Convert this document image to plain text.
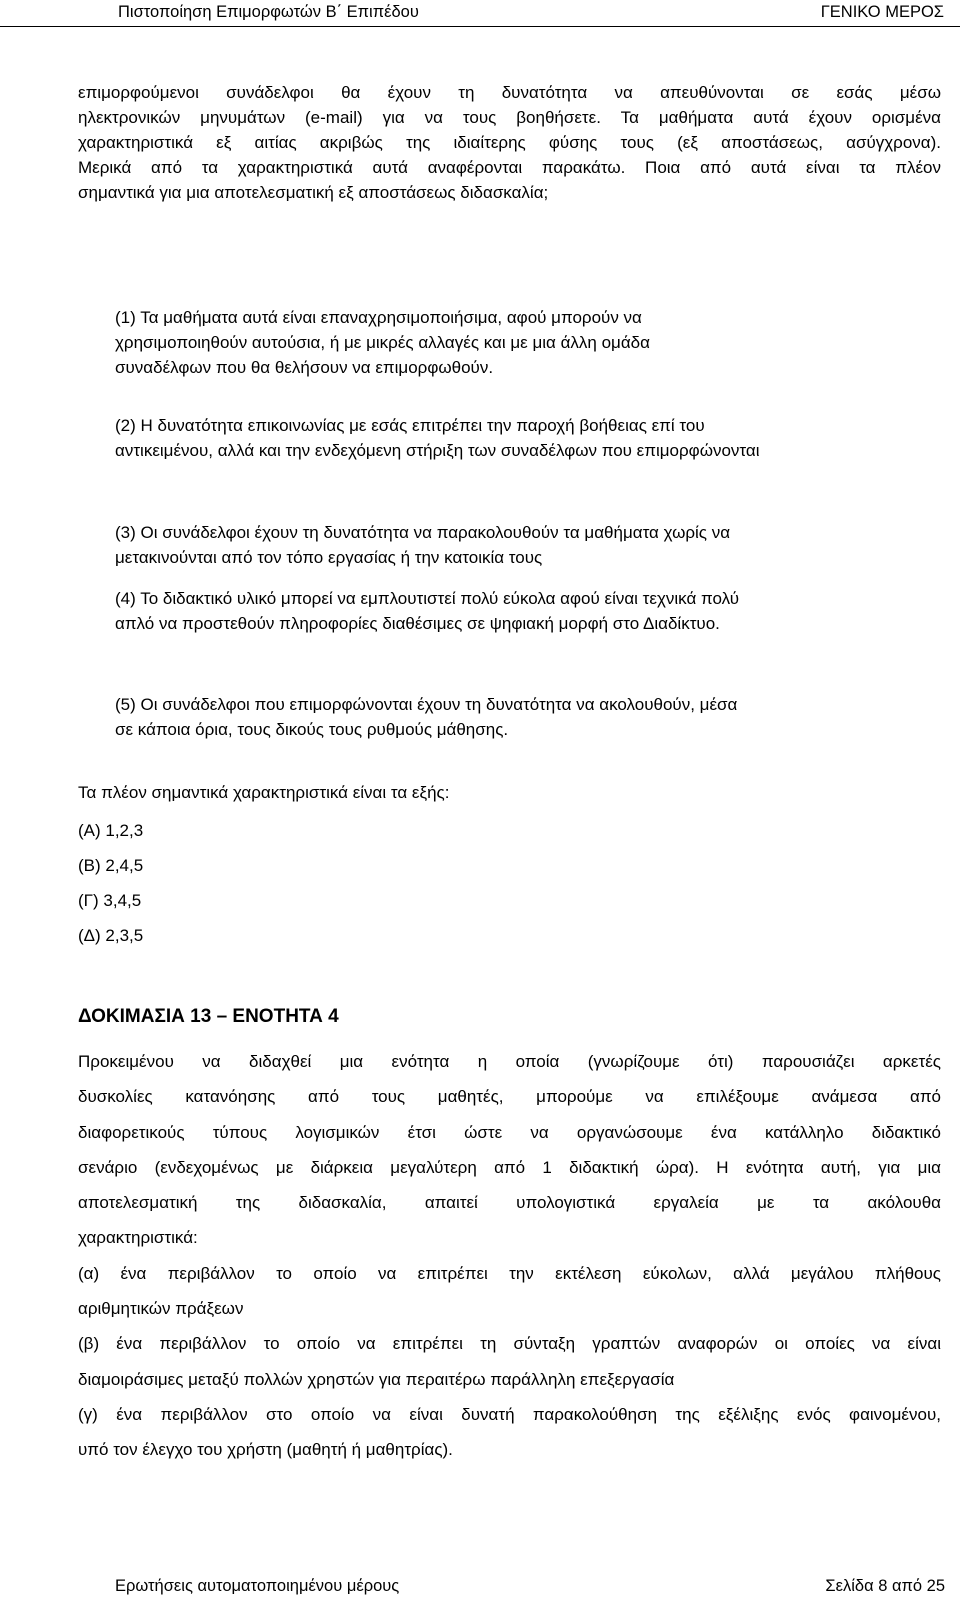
Πιστοποίηση Επιμορφωτών Β΄ Επιπέδου	ΓΕΝΙΚΟ ΜΕΡΟΣ
επιμορφούμενοι συνάδελφοι θα έχουν τη δυνατότητα να απευθύνονται σε εσάς μέσω
ηλεκτρονικών μηνυμάτων (e-mail) για να τους βοηθήσετε. Τα μαθήματα αυτά έχουν ορισμένα
χαρακτηριστικά εξ αιτίας ακριβώς της ιδιαίτερης φύσης τους (εξ αποστάσεως, ασύγχρονα).
Μερικά από τα χαρακτηριστικά αυτά αναφέρονται παρακάτω. Ποια από αυτά είναι τα πλέον
σημαντικά για μια αποτελεσματική εξ αποστάσεως διδασκαλία;
(1) Τα μαθήματα αυτά είναι επαναχρησιμοποιήσιμα, αφού μπορούν να
χρησιμοποιηθούν αυτούσια, ή με μικρές αλλαγές και με μια άλλη ομάδα
συναδέλφων που θα θελήσουν να επιμορφωθούν.
(2) Η δυνατότητα επικοινωνίας με εσάς επιτρέπει την παροχή βοήθειας επί του
αντικειμένου, αλλά και την ενδεχόμενη στήριξη των συναδέλφων που επιμορφώνονται
(3) Οι συνάδελφοι έχουν τη δυνατότητα να παρακολουθούν τα μαθήματα χωρίς να
μετακινούνται από τον τόπο εργασίας ή την κατοικία τους
(4) Το διδακτικό υλικό μπορεί να εμπλουτιστεί πολύ εύκολα αφού είναι τεχνικά πολύ
απλό να προστεθούν πληροφορίες διαθέσιμες σε ψηφιακή μορφή στο Διαδίκτυο.
(5) Οι συνάδελφοι που επιμορφώνονται έχουν τη δυνατότητα να ακολουθούν, μέσα
σε κάποια όρια, τους δικούς τους ρυθμούς μάθησης.
Τα πλέον σημαντικά χαρακτηριστικά είναι τα εξής:
(Α) 1,2,3
(Β) 2,4,5
(Γ) 3,4,5
(Δ) 2,3,5
ΔΟΚΙΜΑΣΙΑ 13 – ΕΝΟΤΗΤΑ 4
Προκειμένου να διδαχθεί μια ενότητα η οποία (γνωρίζουμε ότι) παρουσιάζει αρκετές
δυσκολίες κατανόησης από τους μαθητές, μπορούμε να επιλέξουμε ανάμεσα από
διαφορετικούς τύπους λογισμικών έτσι ώστε να οργανώσουμε ένα κατάλληλο διδακτικό
σενάριο (ενδεχομένως με διάρκεια μεγαλύτερη από 1 διδακτική ώρα). Η ενότητα αυτή, για μια
αποτελεσματική της διδασκαλία, απαιτεί υπολογιστικά εργαλεία με τα ακόλουθα
χαρακτηριστικά:
(α) ένα περιβάλλον το οποίο να επιτρέπει την εκτέλεση εύκολων, αλλά μεγάλου πλήθους
αριθμητικών πράξεων
(β) ένα περιβάλλον το οποίο να επιτρέπει τη σύνταξη γραπτών αναφορών οι οποίες να είναι
διαμοιράσιμες μεταξύ πολλών χρηστών για περαιτέρω παράλληλη επεξεργασία
(γ) ένα περιβάλλον στο οποίο να είναι δυνατή παρακολούθηση της εξέλιξης ενός φαινομένου,
υπό τον έλεγχο του χρήστη (μαθητή ή μαθητρίας).
Ερωτήσεις αυτοματοποιημένου μέρους	Σελίδα 8 από 25
